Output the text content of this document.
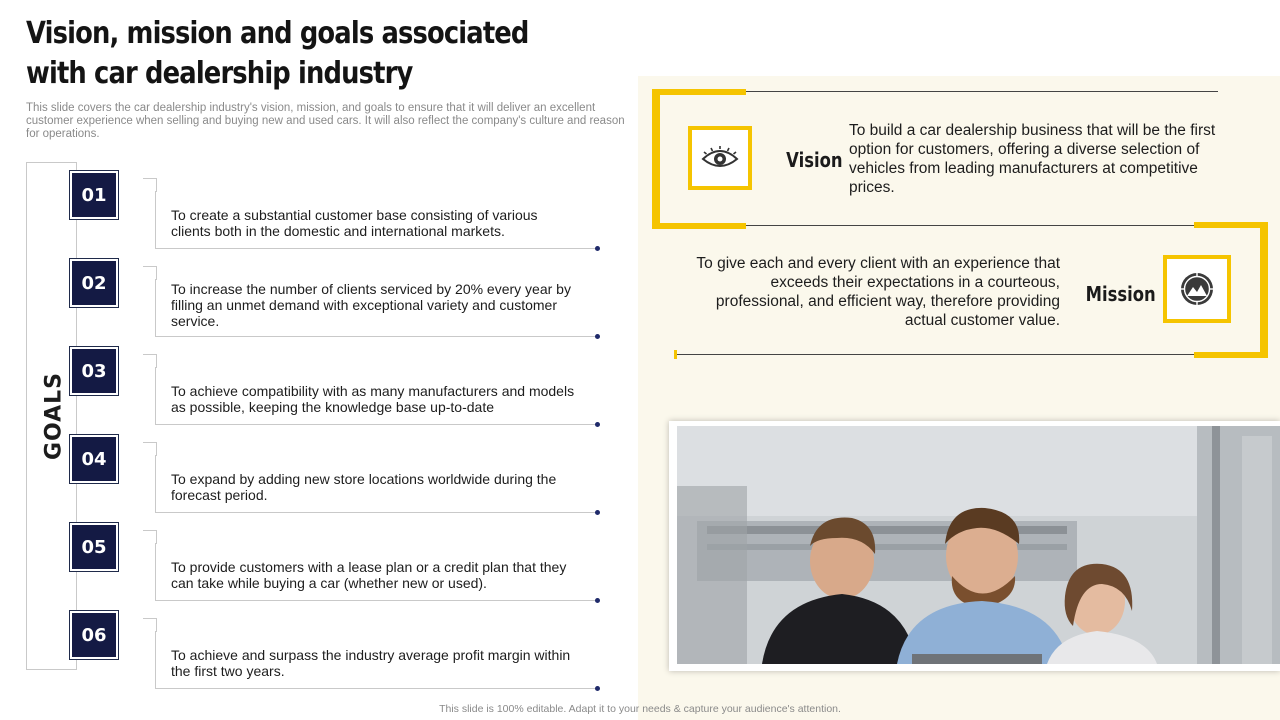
Vision, mission and goals associated with car dealership industry

This slide covers the car dealership industry's vision, mission, and goals to ensure that it will deliver an excellent customer experience when selling and buying new and used cars. It will also reflect the company's culture and reason for operations.

GOALS
01
To create a substantial customer base consisting of various clients both in the domestic and international markets.
02	To increase the number of clients serviced by 20% every year by filling an unmet demand with exceptional variety and customer service.
03
To achieve compatibility with as many manufacturers and models as possible, keeping the knowledge base up-to-date
04
To expand by adding new store locations worldwide during the forecast period.
05
To provide customers with a lease plan or a credit plan that they can take while buying a car (whether new or used).
06
To achieve and surpass the industry average profit margin within the first two years.
Vision
To build a car dealership business that will be the first option for customers, offering a diverse selection of vehicles from leading manufacturers at competitive prices.
To give each and every client with an experience that exceeds their expectations in a courteous, professional, and efficient way, therefore providing actual customer value.
Mission
This slide is 100% editable. Adapt it to your needs & capture your audience's attention.
